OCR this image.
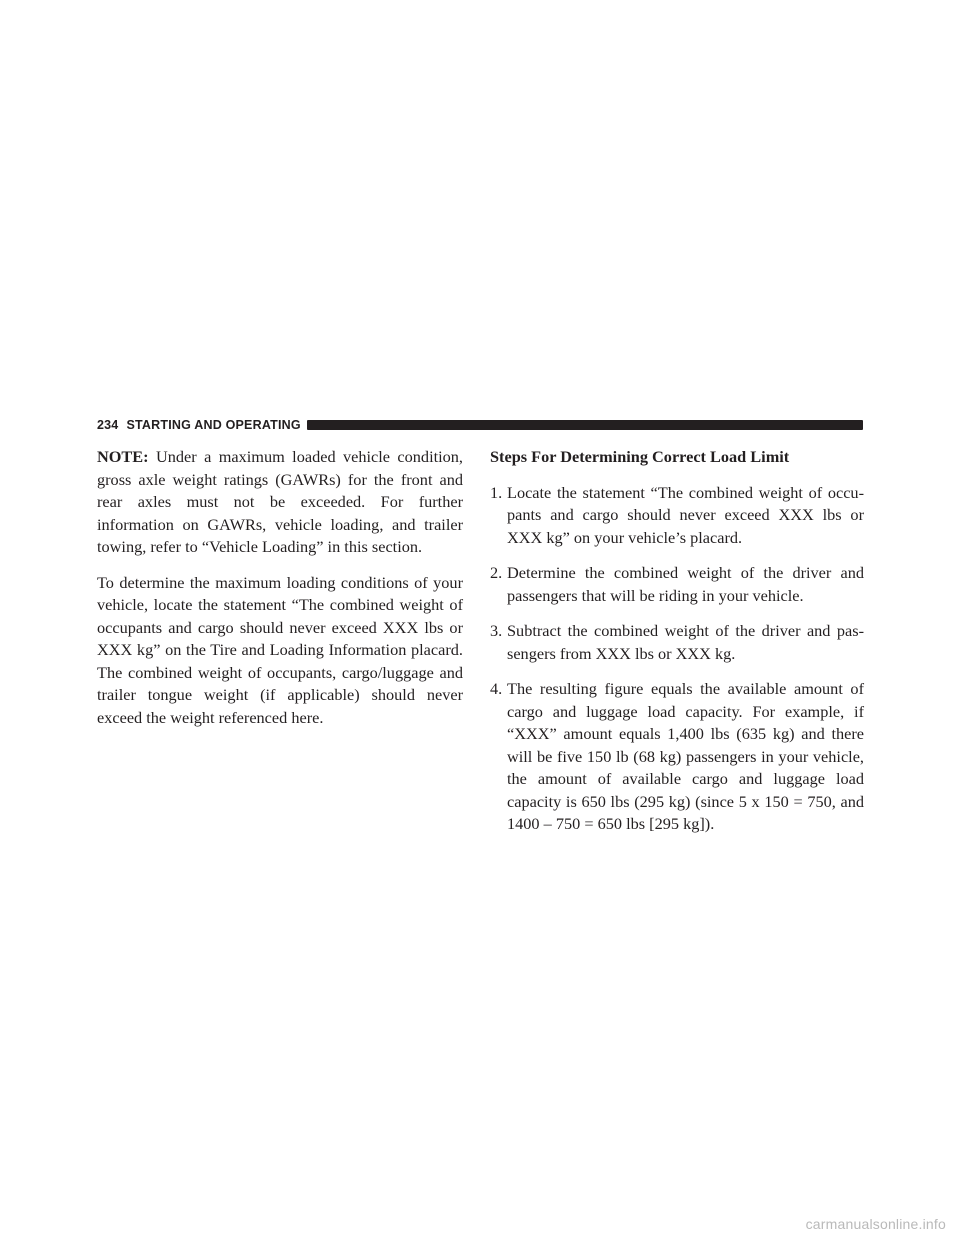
234 STARTING AND OPERATING

NOTE: Under a maximum loaded vehicle condition, gross axle weight ratings (GAWRs) for the front and rear axles must not be exceeded. For further information on GAWRs, vehicle loading, and trailer towing, refer to “Vehicle Loading” in this section.

To determine the maximum loading conditions of your vehicle, locate the statement “The combined weight of occupants and cargo should never exceed XXX lbs or XXX kg” on the Tire and Loading Information placard. The combined weight of occupants, cargo/luggage and trailer tongue weight (if applicable) should never exceed the weight referenced here.

Steps For Determining Correct Load Limit
1. Locate the statement “The combined weight of occu-pants and cargo should never exceed XXX lbs or XXX kg” on your vehicle’s placard.
2. Determine the combined weight of the driver and passengers that will be riding in your vehicle.
3. Subtract the combined weight of the driver and pas-sengers from XXX lbs or XXX kg.
4. The resulting figure equals the available amount of cargo and luggage load capacity. For example, if “XXX” amount equals 1,400 lbs (635 kg) and there will be five 150 lb (68 kg) passengers in your vehicle, the amount of available cargo and luggage load capacity is 650 lbs (295 kg) (since 5 x 150 = 750, and 1400 – 750 = 650 lbs [295 kg]).
carmanualsonline.info
